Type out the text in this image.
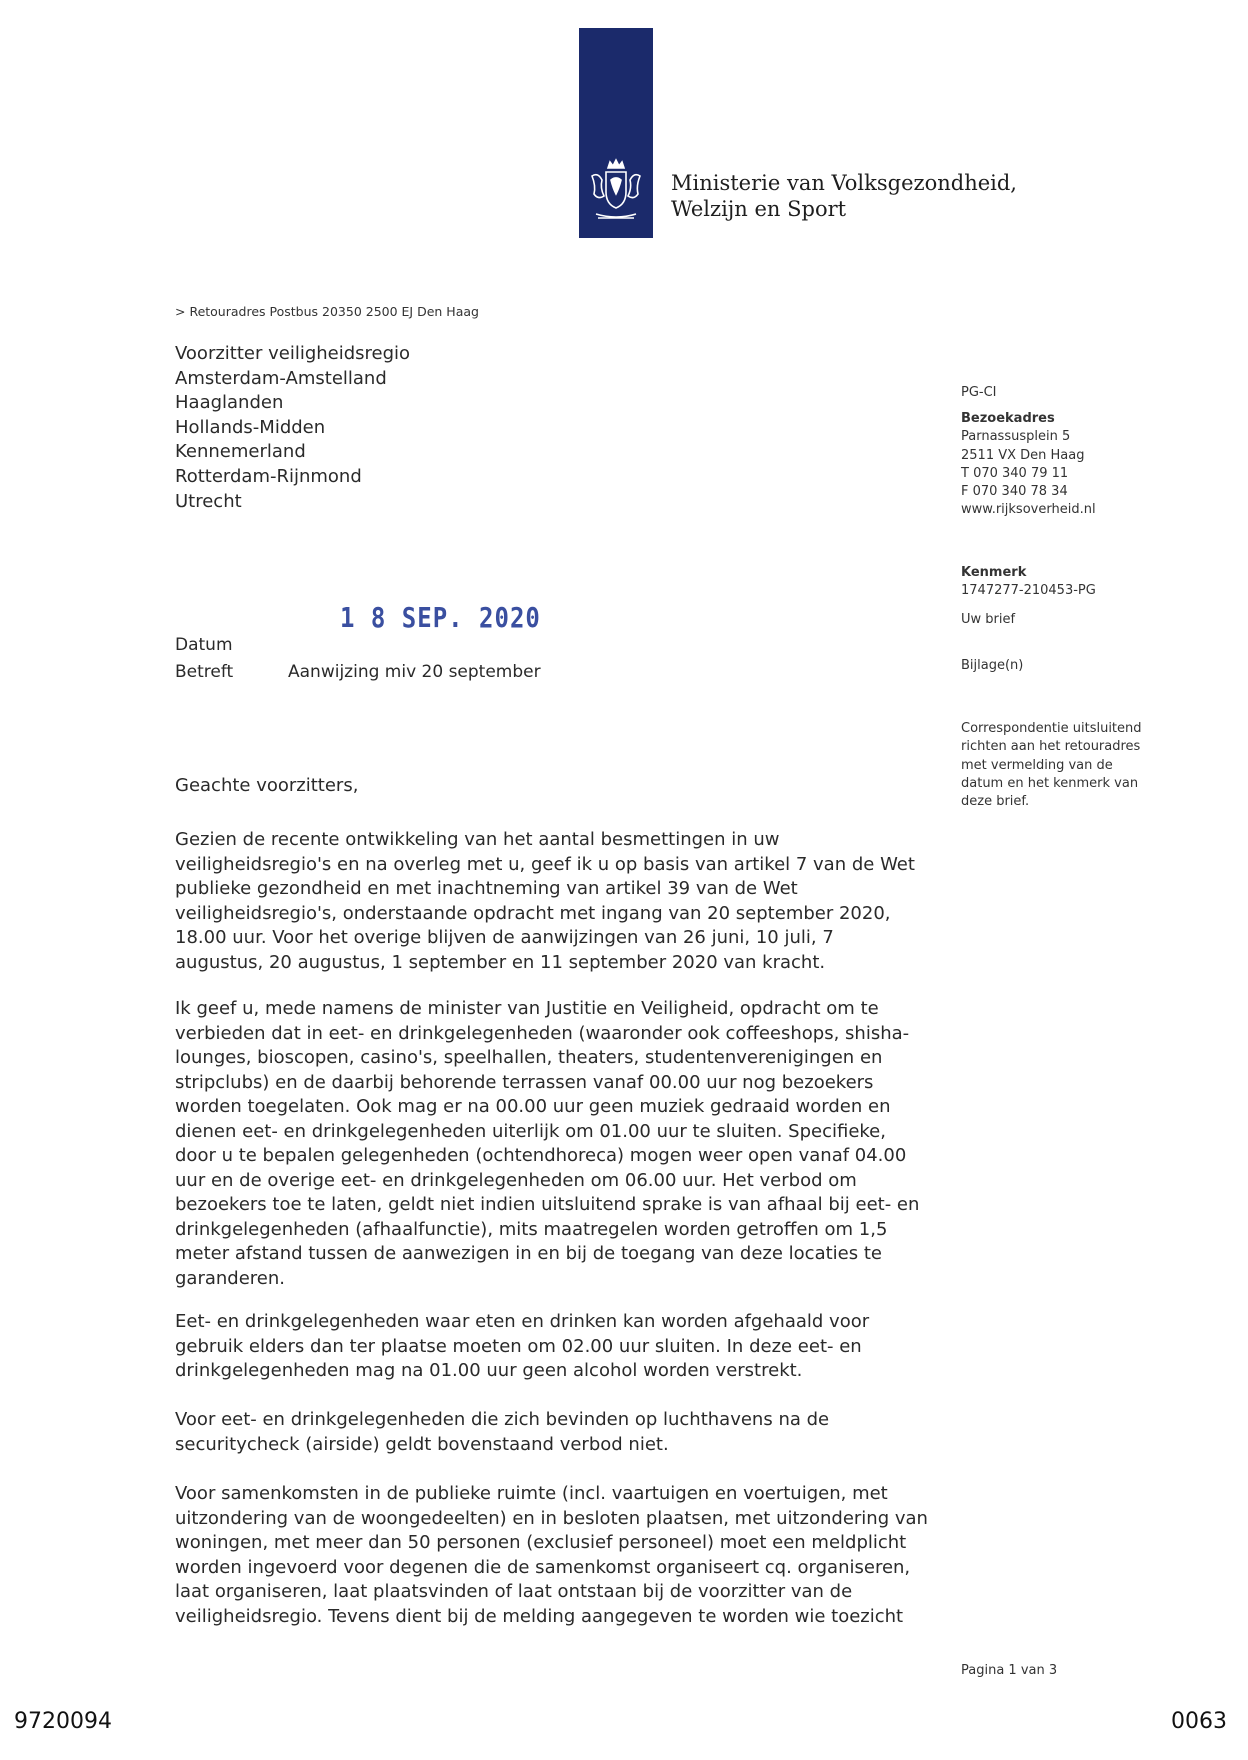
Ministerie van Volksgezondheid,
Welzijn en Sport
> Retouradres Postbus 20350 2500 EJ Den Haag
Voorzitter veiligheidsregio
Amsterdam-Amstelland
Haaglanden
Hollands-Midden
Kennemerland
Rotterdam-Rijnmond
Utrecht
PG-CI
Bezoekadres
Parnassusplein 5
2511 VX Den Haag
T 070 340 79 11
F 070 340 78 34
www.rijksoverheid.nl
Kenmerk
1747277-210453-PG
Uw brief
Bijlage(n)
Correspondentie uitsluitend
richten aan het retouradres
met vermelding van de
datum en het kenmerk van
deze brief.
1 8 SEP. 2020
Datum
Betreft	Aanwijzing miv 20 september
Geachte voorzitters,
Gezien de recente ontwikkeling van het aantal besmettingen in uw
veiligheidsregio's en na overleg met u, geef ik u op basis van artikel 7 van de Wet
publieke gezondheid en met inachtneming van artikel 39 van de Wet
veiligheidsregio's, onderstaande opdracht met ingang van 20 september 2020,
18.00 uur. Voor het overige blijven de aanwijzingen van 26 juni, 10 juli, 7
augustus, 20 augustus, 1 september en 11 september 2020 van kracht.
Ik geef u, mede namens de minister van Justitie en Veiligheid, opdracht om te
verbieden dat in eet- en drinkgelegenheden (waaronder ook coffeeshops, shisha-
lounges, bioscopen, casino's, speelhallen, theaters, studentenverenigingen en
stripclubs) en de daarbij behorende terrassen vanaf 00.00 uur nog bezoekers
worden toegelaten. Ook mag er na 00.00 uur geen muziek gedraaid worden en
dienen eet- en drinkgelegenheden uiterlijk om 01.00 uur te sluiten. Specifieke,
door u te bepalen gelegenheden (ochtendhoreca) mogen weer open vanaf 04.00
uur en de overige eet- en drinkgelegenheden om 06.00 uur. Het verbod om
bezoekers toe te laten, geldt niet indien uitsluitend sprake is van afhaal bij eet- en
drinkgelegenheden (afhaalfunctie), mits maatregelen worden getroffen om 1,5
meter afstand tussen de aanwezigen in en bij de toegang van deze locaties te
garanderen.
Eet- en drinkgelegenheden waar eten en drinken kan worden afgehaald voor
gebruik elders dan ter plaatse moeten om 02.00 uur sluiten. In deze eet- en
drinkgelegenheden mag na 01.00 uur geen alcohol worden verstrekt.
Voor eet- en drinkgelegenheden die zich bevinden op luchthavens na de
securitycheck (airside) geldt bovenstaand verbod niet.
Voor samenkomsten in de publieke ruimte (incl. vaartuigen en voertuigen, met
uitzondering van de woongedeelten) en in besloten plaatsen, met uitzondering van
woningen, met meer dan 50 personen (exclusief personeel) moet een meldplicht
worden ingevoerd voor degenen die de samenkomst organiseert cq. organiseren,
laat organiseren, laat plaatsvinden of laat ontstaan bij de voorzitter van de
veiligheidsregio. Tevens dient bij de melding aangegeven te worden wie toezicht
Pagina 1 van 3
9720094	0063
